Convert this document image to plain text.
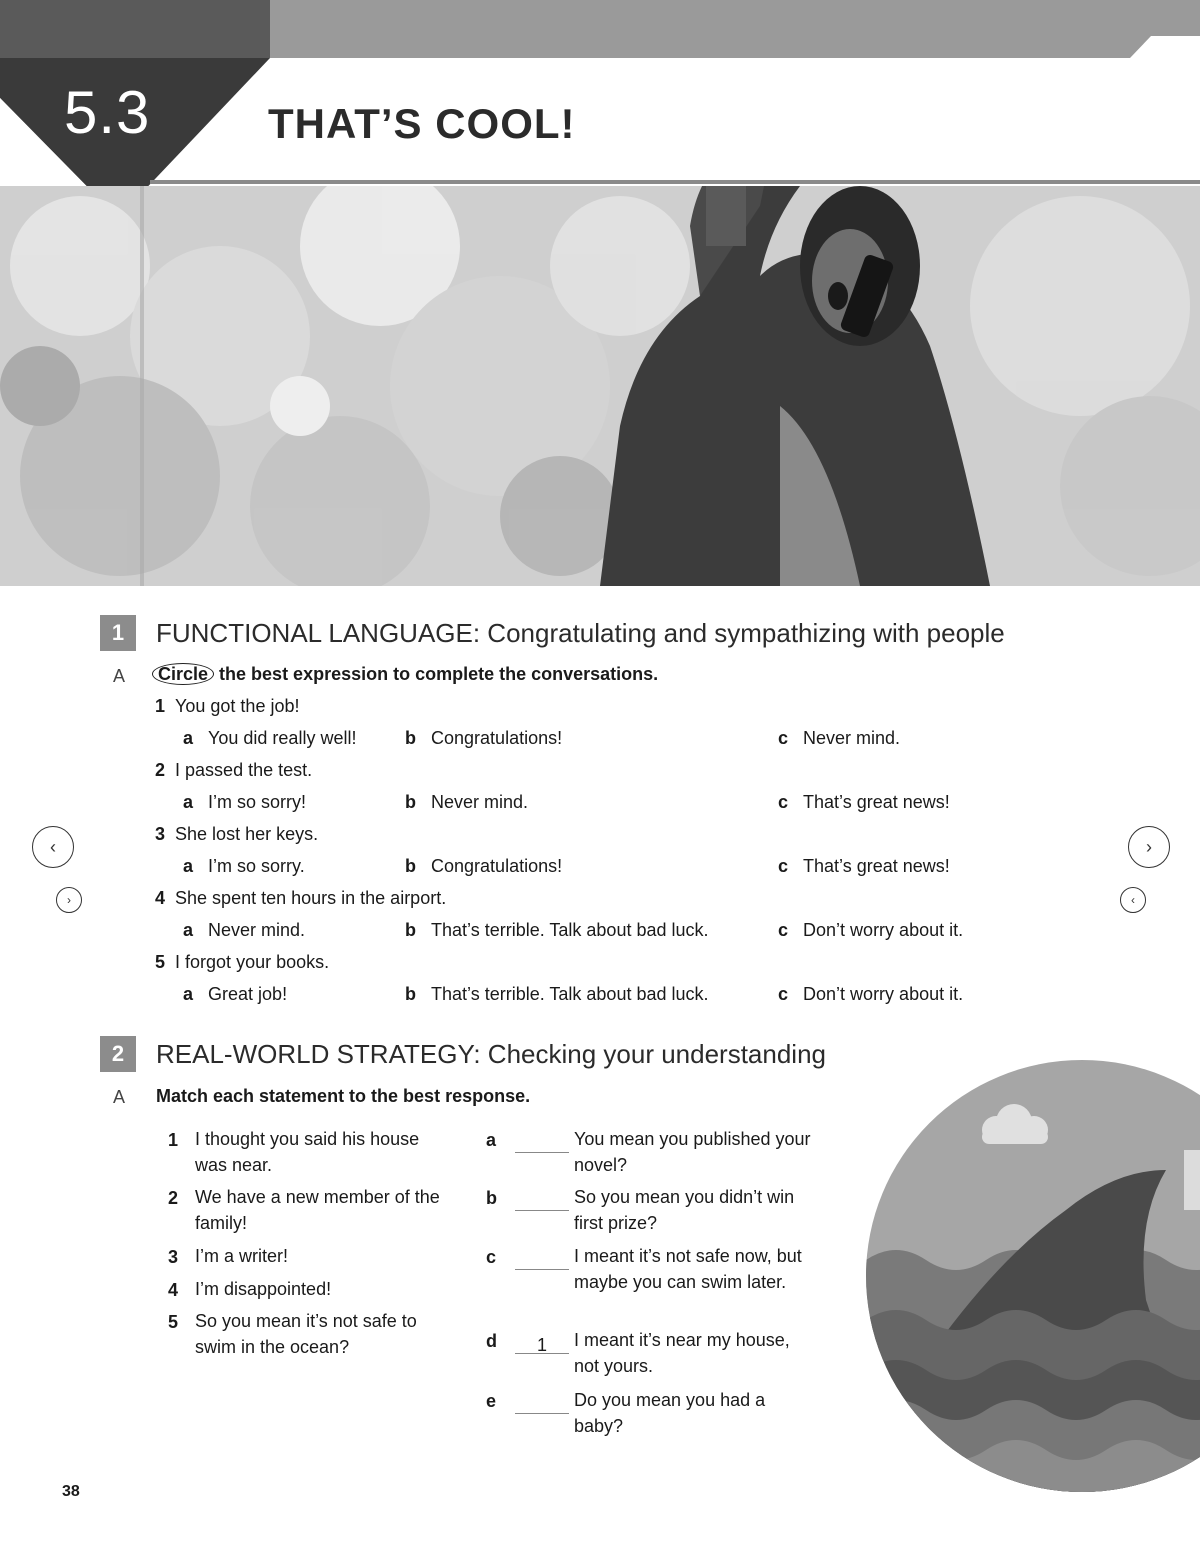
5.3	THAT’S COOL!
1	FUNCTIONAL LANGUAGE: Congratulating and sympathizing with people
A	Circle the best expression to complete the conversations.
1 You got the job!
a You did really well!	b Congratulations!	c Never mind.
2 I passed the test.
a I’m so sorry!	b Never mind.	c That’s great news!
3 She lost her keys.
a I’m so sorry.	b Congratulations!	c That’s great news!
4 She spent ten hours in the airport.
a Never mind.	b That’s terrible. Talk about bad luck.	c Don’t worry about it.
5 I forgot your books.
a Great job!	b That’s terrible. Talk about bad luck.	c Don’t worry about it.
‹
›
›
‹
2	REAL-WORLD STRATEGY: Checking your understanding
A Match each statement to the best response.
1 I thought you said his house was near.
2 We have a new member of the family!
3 I’m a writer!
4 I’m disappointed!
5 So you mean it’s not safe to swim in the ocean?
a	You mean you published your novel?
b	So you mean you didn’t win first prize?
c	I meant it’s not safe now, but maybe you can swim later.
d	1	I meant it’s near my house, not yours.
e	Do you mean you had a baby?
38
